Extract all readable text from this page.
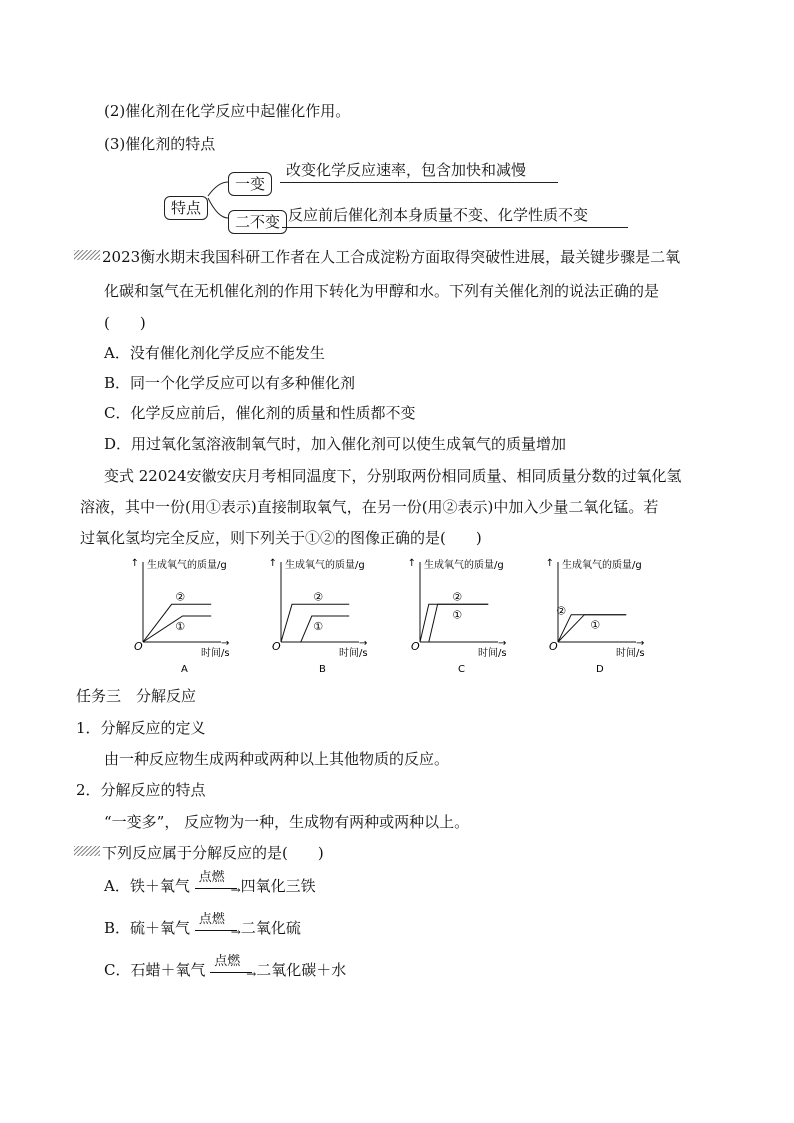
(2)催化剂在化学反应中起催化作用。
(3)催化剂的特点
特点
一变
二不变
改变化学反应速率，包含加快和减慢
反应前后催化剂本身质量不变、化学性质不变
2023衡水期末我国科研工作者在人工合成淀粉方面取得突破性进展，最关键步骤是二氧
化碳和氢气在无机催化剂的作用下转化为甲醇和水。下列有关催化剂的说法正确的是
(　　)
A．没有催化剂化学反应不能发生
B．同一个化学反应可以有多种催化剂
C．化学反应前后，催化剂的质量和性质都不变
D．用过氧化氢溶液制氧气时，加入催化剂可以使生成氧气的质量增加
变式 22024安徽安庆月考相同温度下，分别取两份相同质量、相同质量分数的过氧化氢
溶液，其中一份(用①表示)直接制取氧气，在另一份(用②表示)中加入少量二氧化锰。若
过氧化氢均完全反应，则下列关于①②的图像正确的是(　　)
↑
→
生成氧气的质量/g
时间/s
O
A
①
②
↑
→
生成氧气的质量/g
时间/s
O
B
①
②
↑
→
生成氧气的质量/g
时间/s
O
C
①
②
↑
→
生成氧气的质量/g
时间/s
O
D
①
②
任务三　分解反应
1．分解反应的定义
由一种反应物生成两种或两种以上其他物质的反应。
2．分解反应的特点
“一变多”， 反应物为一种，生成物有两种或两种以上。
下列反应属于分解反应的是(　　)
A．铁＋氧气 点燃
→ 四氧化三铁
B．硫＋氧气 点燃
→ 二氧化硫
C．石蜡＋氧气 点燃
→ 二氧化碳＋水
